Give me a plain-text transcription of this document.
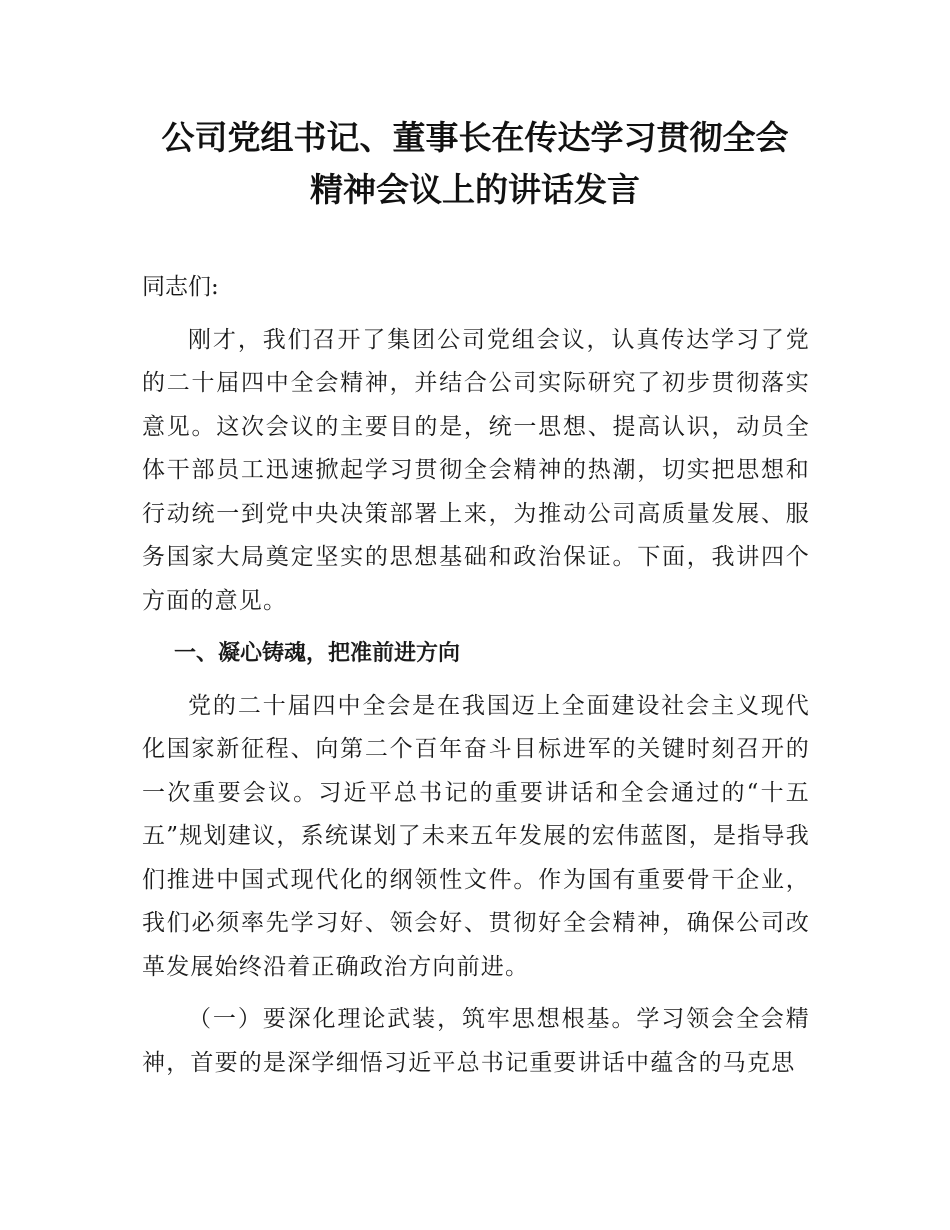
公司党组书记、董事长在传达学习贯彻全会
精神会议上的讲话发言

同志们:

刚才，我们召开了集团公司党组会议，认真传达学习了党的二十届四中全会精神，并结合公司实际研究了初步贯彻落实意见。这次会议的主要目的是，统一思想、提高认识，动员全体干部员工迅速掀起学习贯彻全会精神的热潮，切实把思想和行动统一到党中央决策部署上来，为推动公司高质量发展、服务国家大局奠定坚实的思想基础和政治保证。下面，我讲四个方面的意见。

一、凝心铸魂，把准前进方向

党的二十届四中全会是在我国迈上全面建设社会主义现代化国家新征程、向第二个百年奋斗目标进军的关键时刻召开的一次重要会议。习近平总书记的重要讲话和全会通过的“十五五”规划建议，系统谋划了未来五年发展的宏伟蓝图，是指导我们推进中国式现代化的纲领性文件。作为国有重要骨干企业，我们必须率先学习好、领会好、贯彻好全会精神，确保公司改革发展始终沿着正确政治方向前进。

（一）要深化理论武装，筑牢思想根基。学习领会全会精神，首要的是深学细悟习近平总书记重要讲话中蕴含的马克思
